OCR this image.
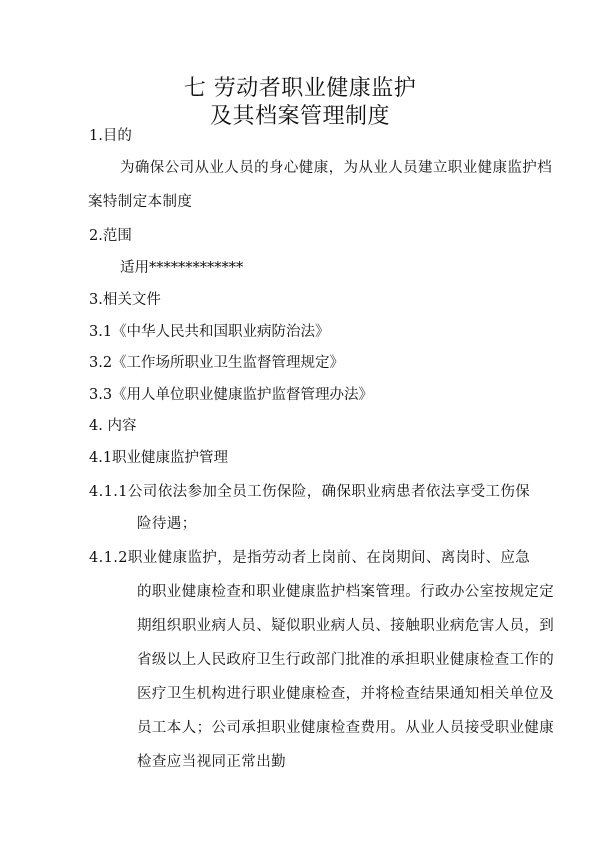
七 劳动者职业健康监护
及其档案管理制度
1.目的
为确保公司从业人员的身心健康，为从业人员建立职业健康监护档
案特制定本制度
2.范围
适用*************
3.相关文件
3.1《中华人民共和国职业病防治法》
3.2《工作场所职业卫生监督管理规定》
3.3《用人单位职业健康监护监督管理办法》
4. 内容
4.1职业健康监护管理
4.1.1公司依法参加全员工伤保险，确保职业病患者依法享受工伤保
险待遇；
4.1.2职业健康监护，是指劳动者上岗前、在岗期间、离岗时、应急
的职业健康检查和职业健康监护档案管理。行政办公室按规定定
期组织职业病人员、疑似职业病人员、接触职业病危害人员，到
省级以上人民政府卫生行政部门批准的承担职业健康检查工作的
医疗卫生机构进行职业健康检查，并将检查结果通知相关单位及
员工本人；公司承担职业健康检查费用。从业人员接受职业健康
检查应当视同正常出勤
